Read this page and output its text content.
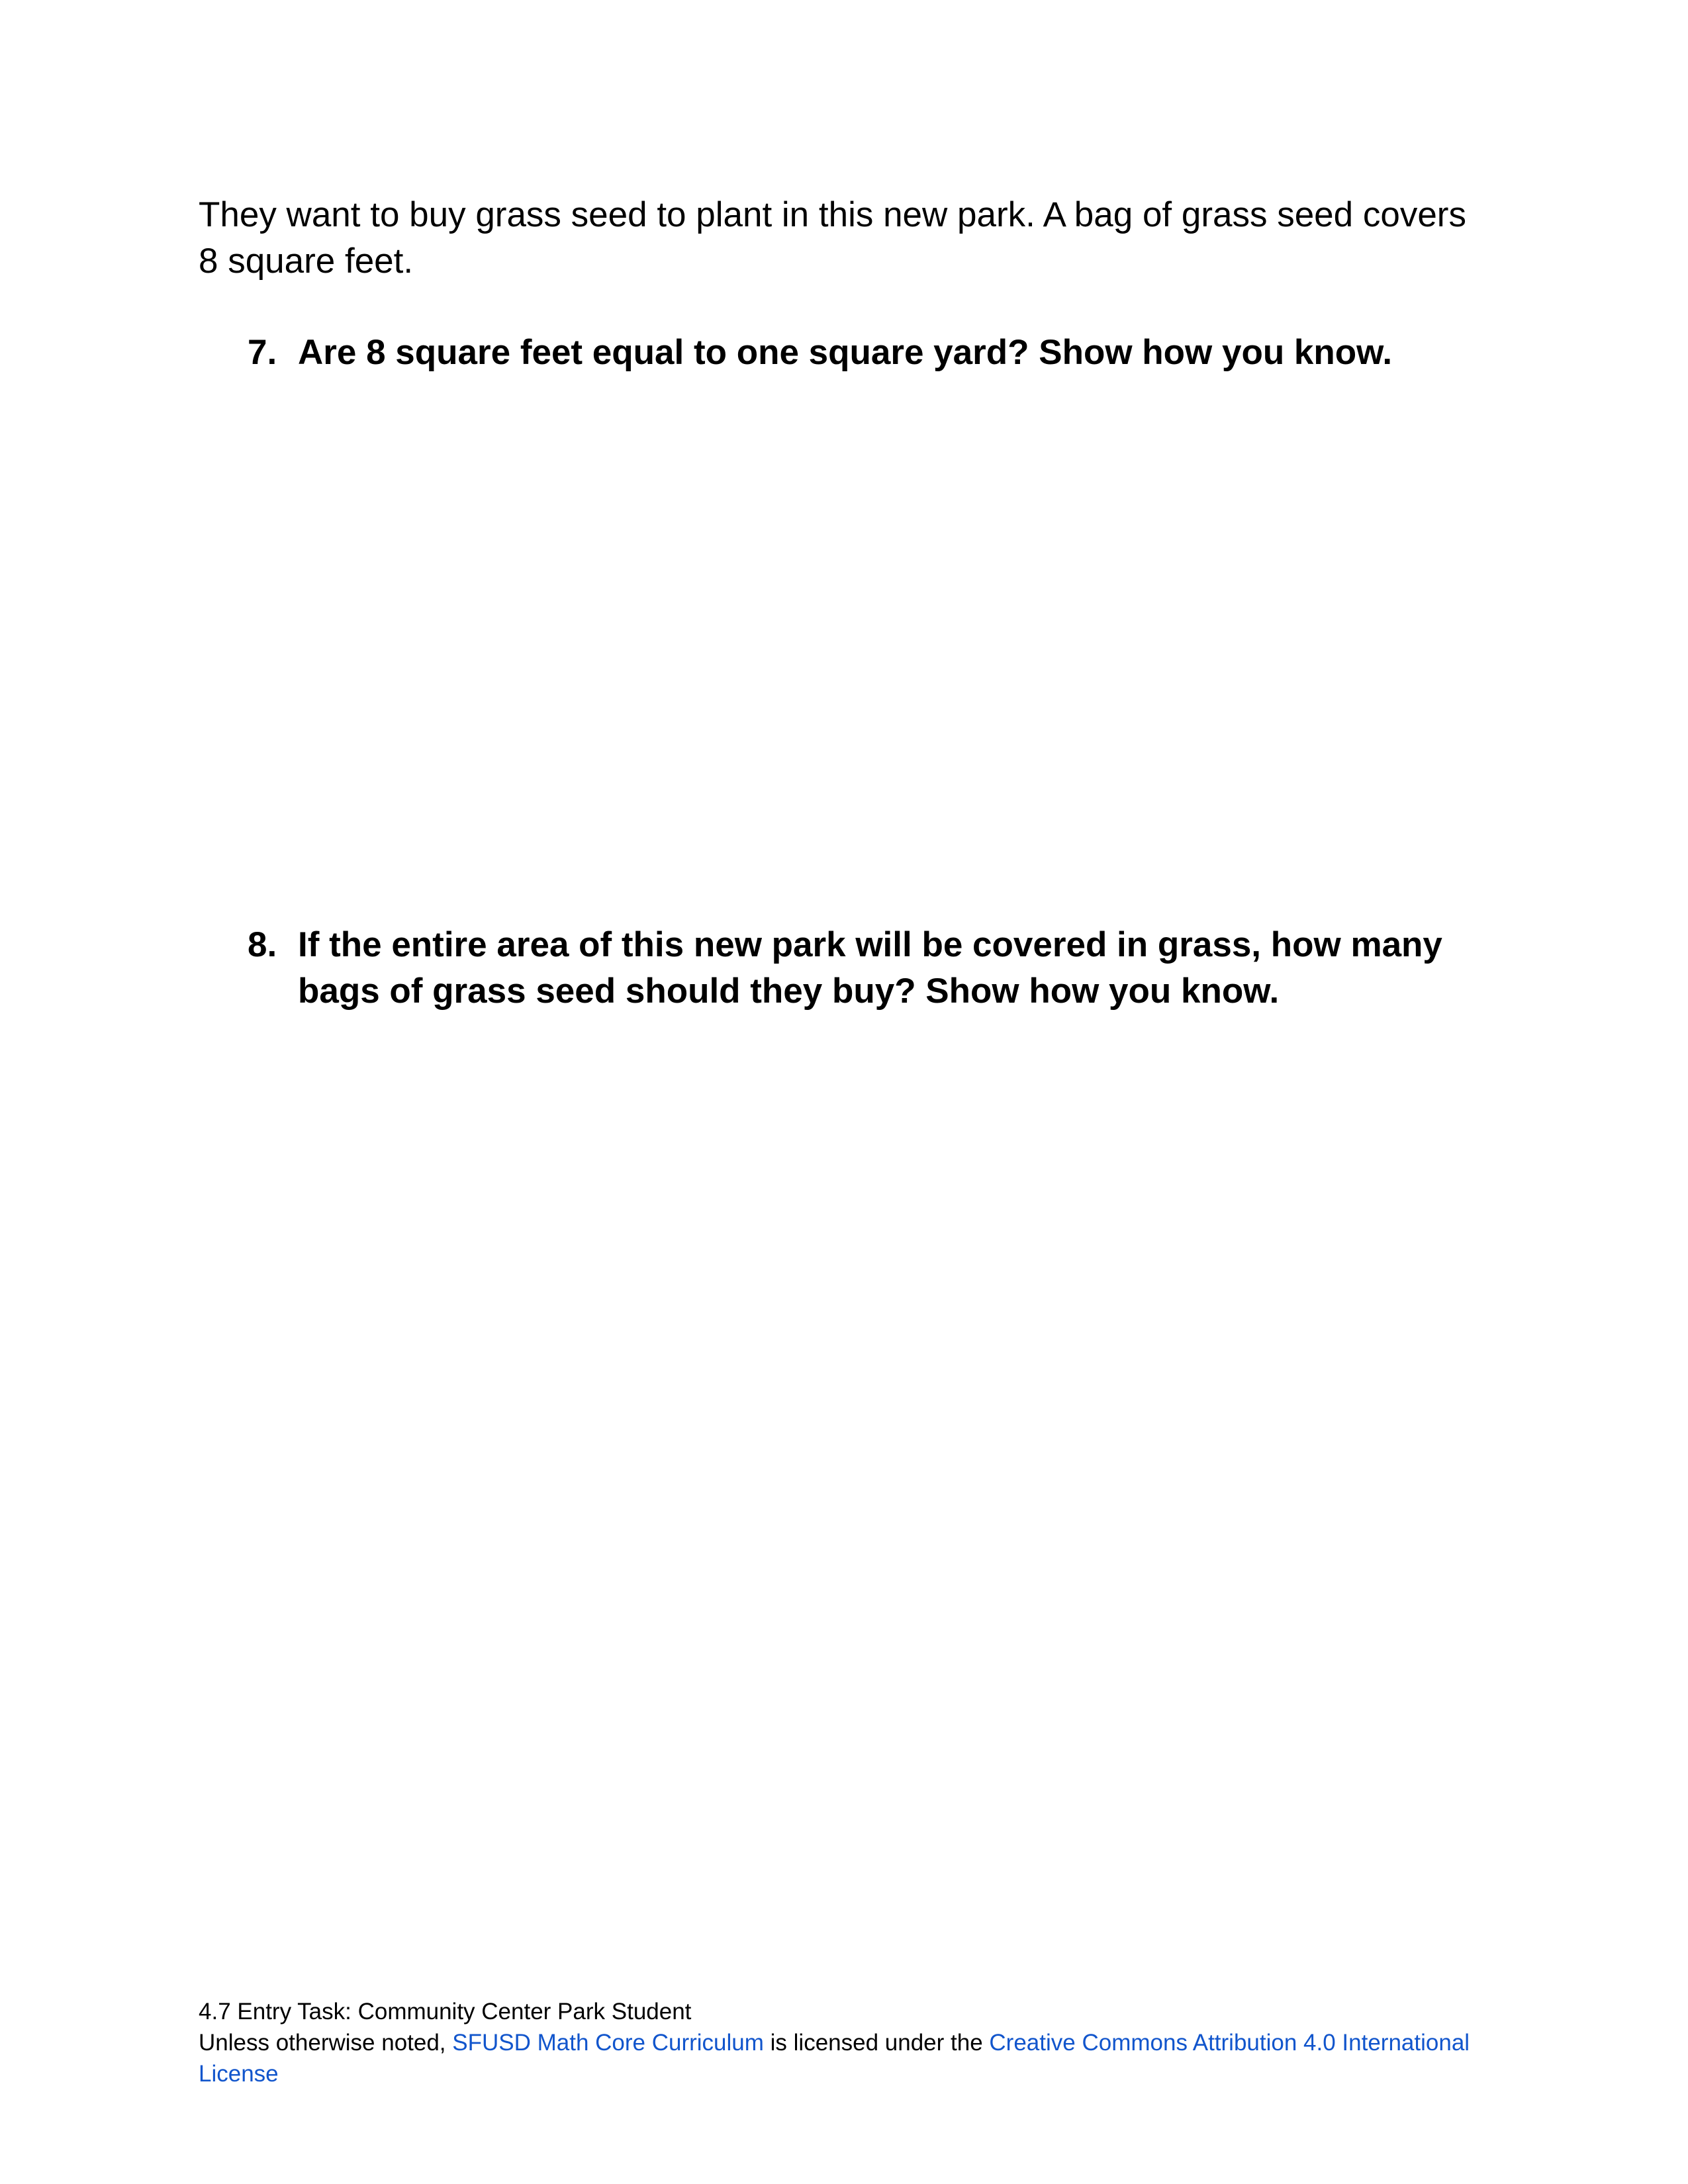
They want to buy grass seed to plant in this new park. A bag of grass seed covers 8 square feet.

7. Are 8 square feet equal to one square yard? Show how you know.
8. If the entire area of this new park will be covered in grass, how many bags of grass seed should they buy? Show how you know.
4.7 Entry Task: Community Center Park Student
Unless otherwise noted, SFUSD Math Core Curriculum is licensed under the Creative Commons Attribution 4.0 International License
